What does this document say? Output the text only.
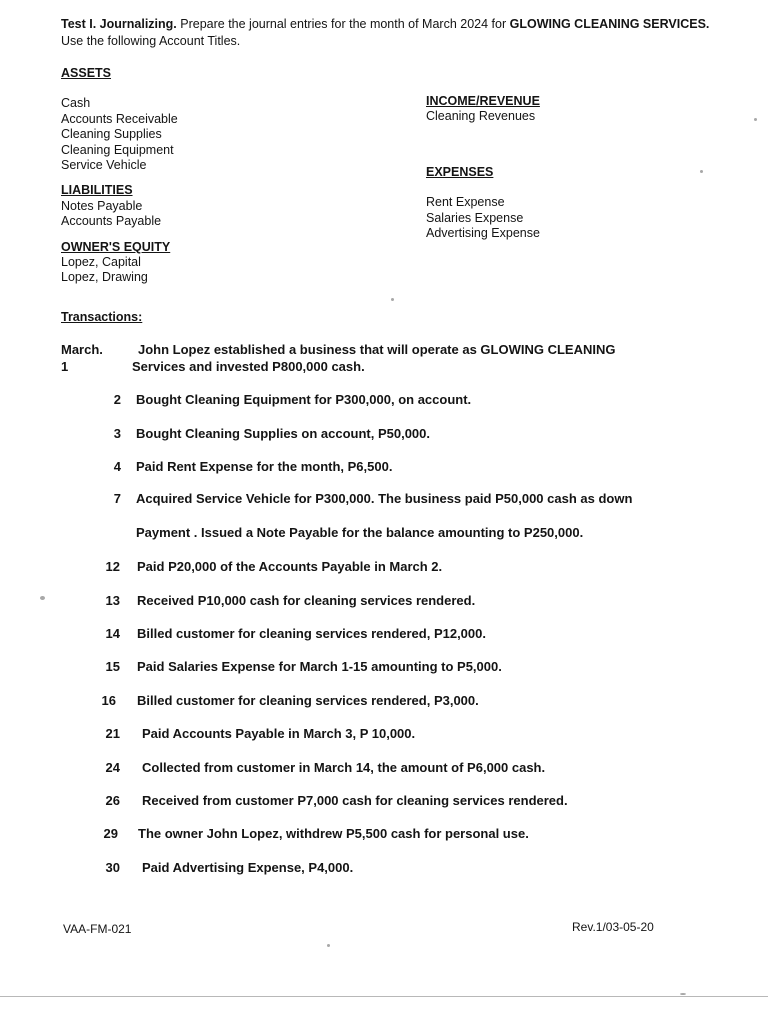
Test I. Journalizing. Prepare the journal entries for the month of March 2024 for GLOWING CLEANING SERVICES. Use the following Account Titles.
ASSETS
Cash
Accounts Receivable
Cleaning Supplies
Cleaning Equipment
Service Vehicle
LIABILITIES
Notes Payable
Accounts Payable
OWNER'S EQUITY
Lopez, Capital
Lopez, Drawing
INCOME/REVENUE
Cleaning Revenues
EXPENSES
Rent Expense
Salaries Expense
Advertising Expense
Transactions:
March. 1
John Lopez established a business that will operate as GLOWING CLEANING
Services and invested P800,000 cash.
2 Bought Cleaning Equipment for P300,000, on account.
3 Bought Cleaning Supplies on account, P50,000.
4 Paid Rent Expense for the month, P6,500.
7 Acquired Service Vehicle for P300,000. The business paid P50,000 cash as down
Payment . Issued a Note Payable for the balance amounting to P250,000.
12 Paid P20,000 of the Accounts Payable in March 2.
13 Received P10,000 cash for cleaning services rendered.
14 Billed customer for cleaning services rendered, P12,000.
15 Paid Salaries Expense for March 1-15 amounting to P5,000.
16 Billed customer for cleaning services rendered, P3,000.
21 Paid Accounts Payable in March 3, P 10,000.
24 Collected from customer in March 14, the amount of P6,000 cash.
26 Received from customer P7,000 cash for cleaning services rendered.
29 The owner John Lopez, withdrew P5,500 cash for personal use.
30 Paid Advertising Expense, P4,000.
VAA-FM-021	Rev.1/03-05-20
